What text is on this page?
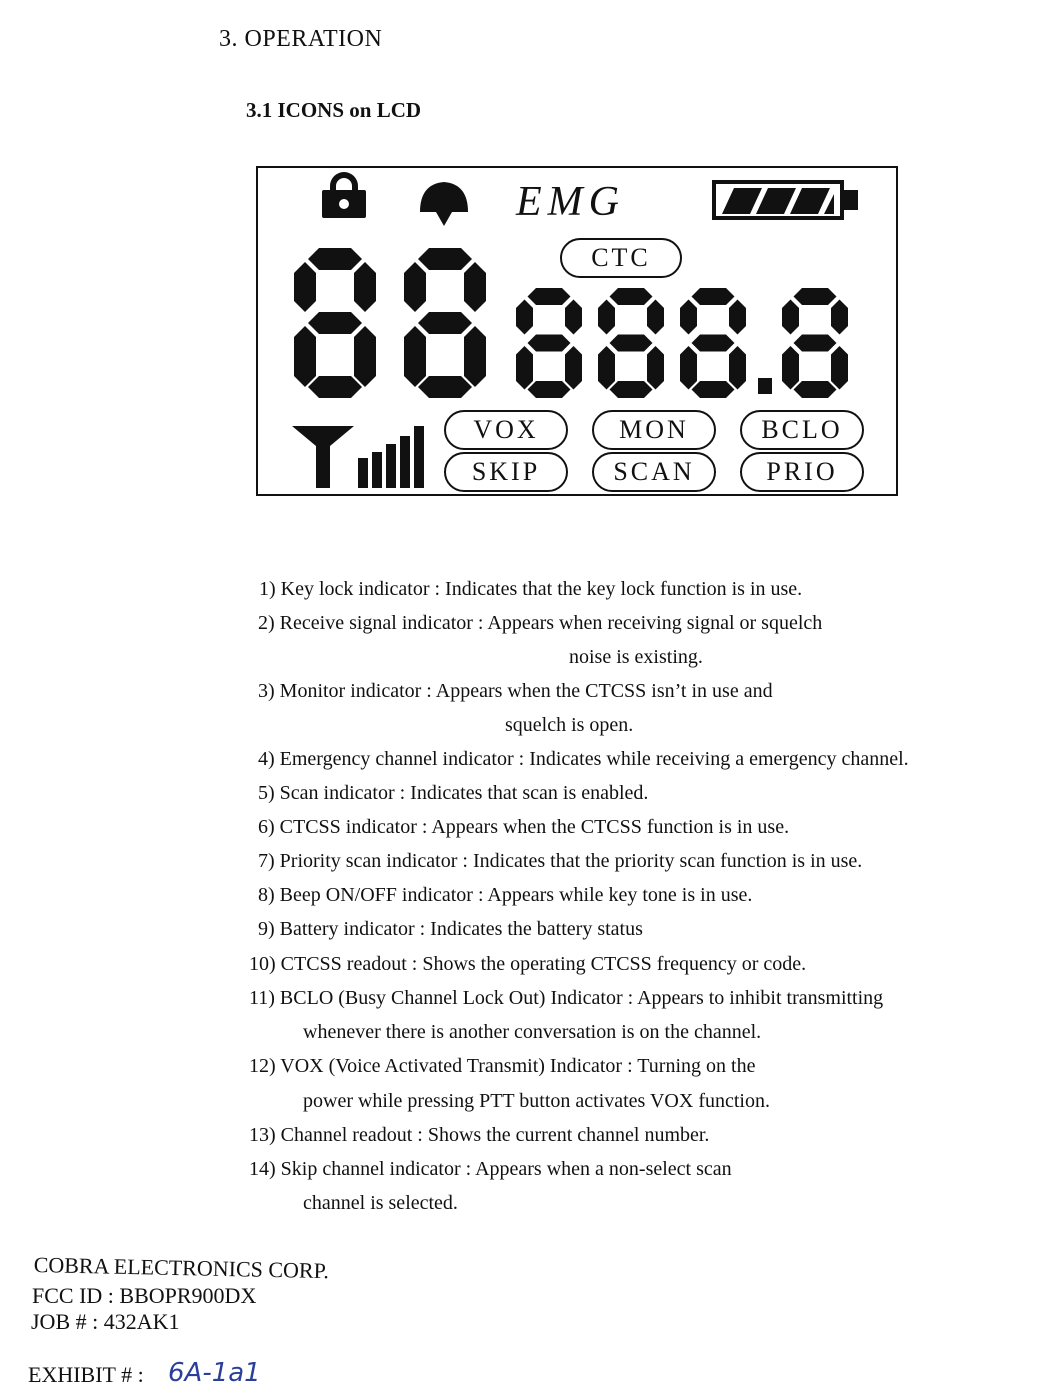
3. OPERATION
3.1 ICONS on LCD
EMG
CTC
VOX
SKIP
MON
SCAN
BCLO
PRIO
1) Key lock indicator : Indicates that the key lock function is in use.
2) Receive signal indicator : Appears when receiving signal or squelch
noise is existing.
3) Monitor indicator : Appears when the CTCSS isn’t in use and
squelch is open.
4) Emergency channel indicator : Indicates while receiving a emergency channel.
5) Scan indicator : Indicates that scan is enabled.
6) CTCSS indicator : Appears when the CTCSS function is in use.
7) Priority scan indicator : Indicates that the priority scan function is in use.
8) Beep ON/OFF indicator : Appears while key tone is in use.
9) Battery indicator : Indicates the battery status
10) CTCSS readout : Shows the operating CTCSS frequency or code.
11) BCLO (Busy Channel Lock Out) Indicator : Appears to inhibit transmitting
whenever there is another conversation is on the channel.
12) VOX (Voice Activated Transmit) Indicator : Turning on the
power while pressing PTT button activates VOX function.
13) Channel readout : Shows the current channel number.
14) Skip channel indicator : Appears when a non-select scan
channel is selected.
COBRA ELECTRONICS CORP.
FCC ID : BBOPR900DX
JOB # : 432AK1
EXHIBIT # : 6A-1a1
